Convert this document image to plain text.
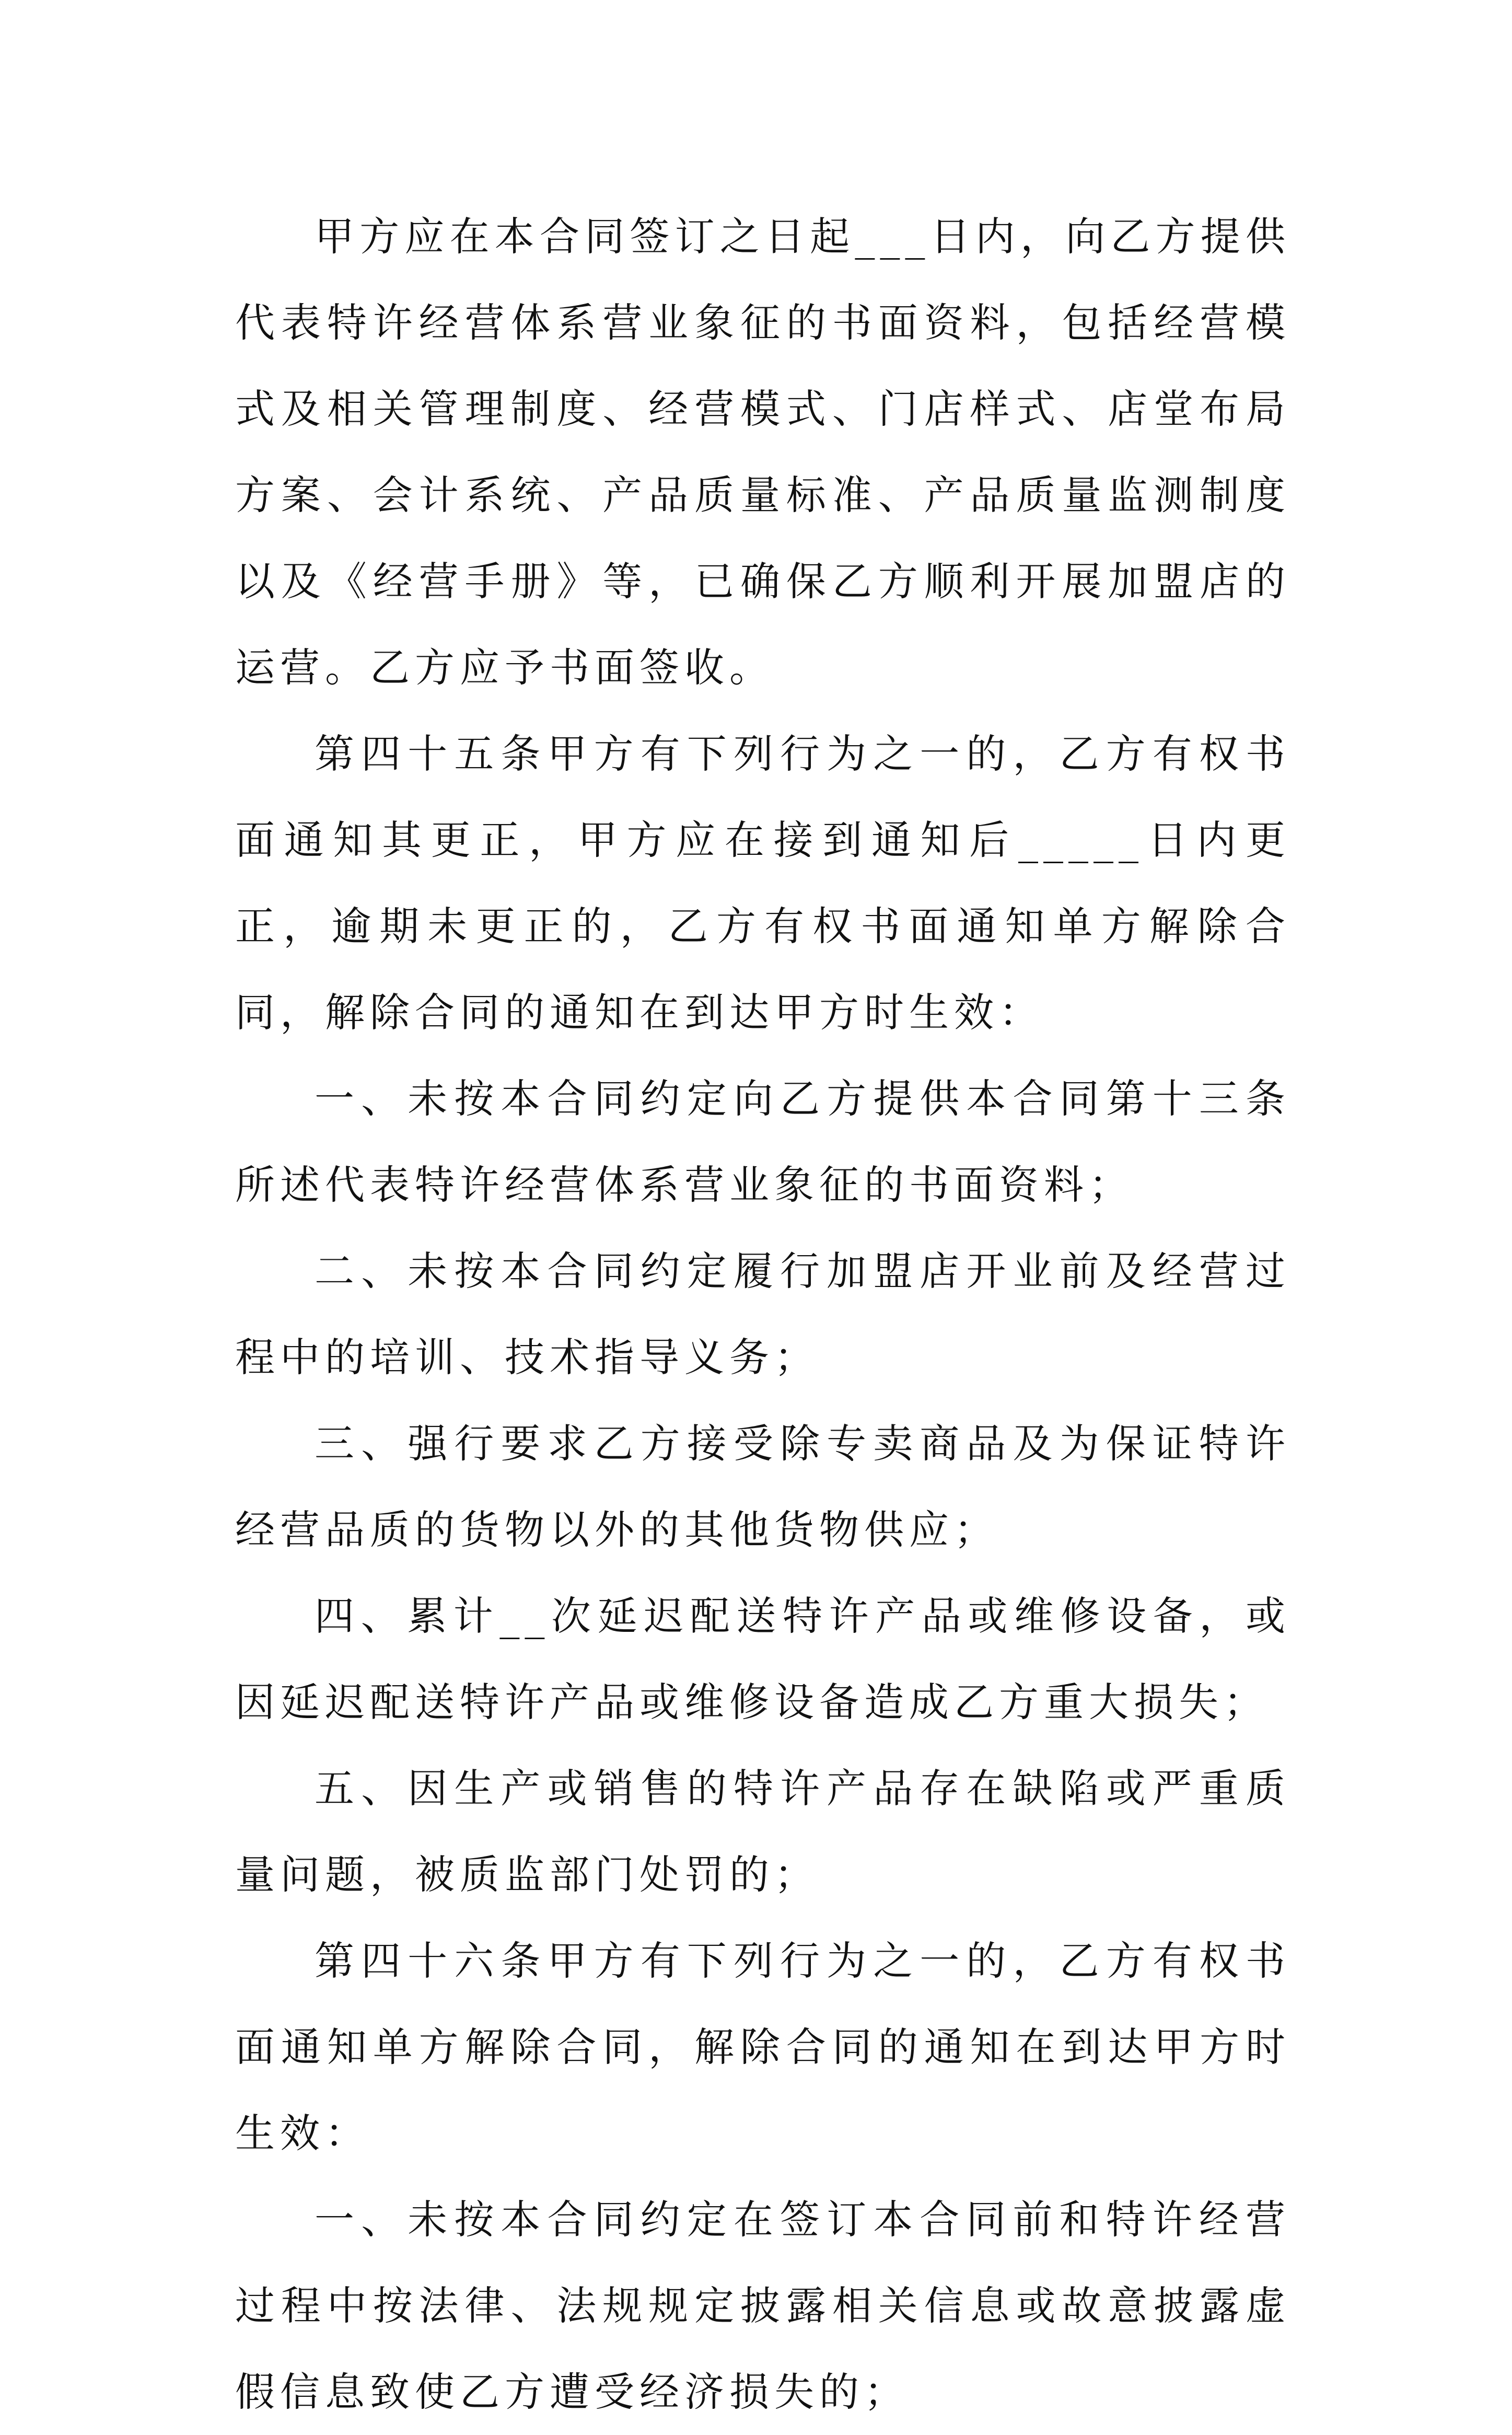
甲方应在本合同签订之日起___日内，向乙方提供代表特许经营体系营业象征的书面资料，包括经营模式及相关管理制度、经营模式、门店样式、店堂布局方案、会计系统、产品质量标准、产品质量监测制度以及《经营手册》等，已确保乙方顺利开展加盟店的运营。乙方应予书面签收。

第四十五条甲方有下列行为之一的，乙方有权书面通知其更正，甲方应在接到通知后_____日内更正，逾期未更正的，乙方有权书面通知单方解除合同，解除合同的通知在到达甲方时生效：

一、未按本合同约定向乙方提供本合同第十三条所述代表特许经营体系营业象征的书面资料；

二、未按本合同约定履行加盟店开业前及经营过程中的培训、技术指导义务；

三、强行要求乙方接受除专卖商品及为保证特许经营品质的货物以外的其他货物供应；

四、累计__次延迟配送特许产品或维修设备，或因延迟配送特许产品或维修设备造成乙方重大损失；

五、因生产或销售的特许产品存在缺陷或严重质量问题，被质监部门处罚的；

第四十六条甲方有下列行为之一的，乙方有权书面通知单方解除合同，解除合同的通知在到达甲方时生效：

一、未按本合同约定在签订本合同前和特许经营过程中按法律、法规规定披露相关信息或故意披露虚假信息致使乙方遭受经济损失的；
